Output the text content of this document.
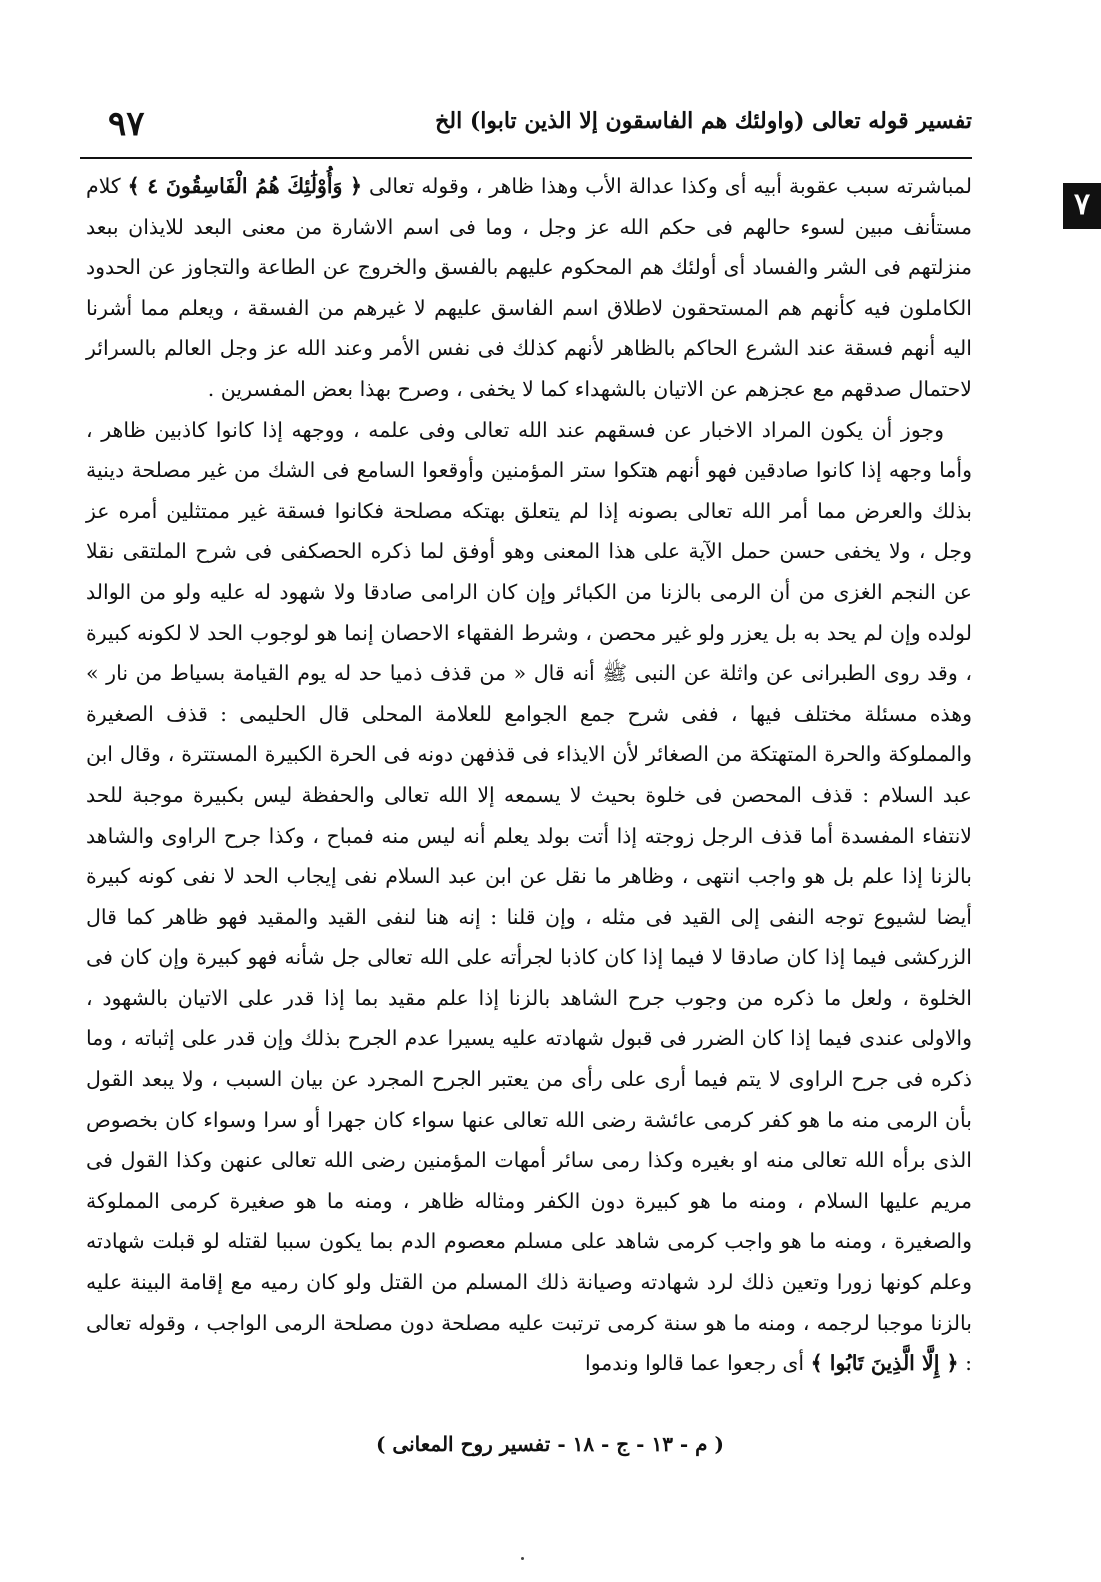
تفسير قوله تعالى (واولئك هم الفاسقون إلا الذين تابوا) الخ
٩٧
٧

لمباشرته سبب عقوبة أبيه أى وكذا عدالة الأب وهذا ظاهر ، وقوله تعالى ﴿ وَأُوْلَٰئِكَ هُمُ الْفَاسِقُونَ ٤ ﴾ كلام مستأنف مبين لسوء حالهم فى حكم الله عز وجل ، وما فى اسم الاشارة من معنى البعد للايذان ببعد منزلتهم فى الشر والفساد أى أولئك هم المحكوم عليهم بالفسق والخروج عن الطاعة والتجاوز عن الحدود الكاملون فيه كأنهم هم المستحقون لاطلاق اسم الفاسق عليهم لا غيرهم من الفسقة ، ويعلم مما أشرنا اليه أنهم فسقة عند الشرع الحاكم بالظاهر لأنهم كذلك فى نفس الأمر وعند الله عز وجل العالم بالسرائر لاحتمال صدقهم مع عجزهم عن الاتيان بالشهداء كما لا يخفى ، وصرح بهذا بعض المفسرين .

وجوز أن يكون المراد الاخبار عن فسقهم عند الله تعالى وفى علمه ، ووجهه إذا كانوا كاذبين ظاهر ، وأما وجهه إذا كانوا صادقين فهو أنهم هتكوا ستر المؤمنين وأوقعوا السامع فى الشك من غير مصلحة دينية بذلك والعرض مما أمر الله تعالى بصونه إذا لم يتعلق بهتكه مصلحة فكانوا فسقة غير ممتثلين أمره عز وجل ، ولا يخفى حسن حمل الآية على هذا المعنى وهو أوفق لما ذكره الحصكفى فى شرح الملتقى نقلا عن النجم الغزى من أن الرمى بالزنا من الكبائر وإن كان الرامى صادقا ولا شهود له عليه ولو من الوالد لولده وإن لم يحد به بل يعزر ولو غير محصن ، وشرط الفقهاء الاحصان إنما هو لوجوب الحد لا لكونه كبيرة ، وقد روى الطبرانى عن واثلة عن النبى ﷺ أنه قال « من قذف ذميا حد له يوم القيامة بسياط من نار » وهذه مسئلة مختلف فيها ، ففى شرح جمع الجوامع للعلامة المحلى قال الحليمى : قذف الصغيرة والمملوكة والحرة المتهتكة من الصغائر لأن الايذاء فى قذفهن دونه فى الحرة الكبيرة المستترة ، وقال ابن عبد السلام : قذف المحصن فى خلوة بحيث لا يسمعه إلا الله تعالى والحفظة ليس بكبيرة موجبة للحد لانتفاء المفسدة أما قذف الرجل زوجته إذا أتت بولد يعلم أنه ليس منه فمباح ، وكذا جرح الراوى والشاهد بالزنا إذا علم بل هو واجب انتهى ، وظاهر ما نقل عن ابن عبد السلام نفى إيجاب الحد لا نفى كونه كبيرة أيضا لشيوع توجه النفى إلى القيد فى مثله ، وإن قلنا : إنه هنا لنفى القيد والمقيد فهو ظاهر كما قال الزركشى فيما إذا كان صادقا لا فيما إذا كان كاذبا لجرأته على الله تعالى جل شأنه فهو كبيرة وإن كان فى الخلوة ، ولعل ما ذكره من وجوب جرح الشاهد بالزنا إذا علم مقيد بما إذا قدر على الاتيان بالشهود ، والاولى عندى فيما إذا كان الضرر فى قبول شهادته عليه يسيرا عدم الجرح بذلك وإن قدر على إثباته ، وما ذكره فى جرح الراوى لا يتم فيما أرى على رأى من يعتبر الجرح المجرد عن بيان السبب ، ولا يبعد القول بأن الرمى منه ما هو كفر كرمى عائشة رضى الله تعالى عنها سواء كان جهرا أو سرا وسواء كان بخصوص الذى برأه الله تعالى منه او بغيره وكذا رمى سائر أمهات المؤمنين رضى الله تعالى عنهن وكذا القول فى مريم عليها السلام ، ومنه ما هو كبيرة دون الكفر ومثاله ظاهر ، ومنه ما هو صغيرة كرمى المملوكة والصغيرة ، ومنه ما هو واجب كرمى شاهد على مسلم معصوم الدم بما يكون سببا لقتله لو قبلت شهادته وعلم كونها زورا وتعين ذلك لرد شهادته وصيانة ذلك المسلم من القتل ولو كان رميه مع إقامة البينة عليه بالزنا موجبا لرجمه ، ومنه ما هو سنة كرمى ترتبت عليه مصلحة دون مصلحة الرمى الواجب ، وقوله تعالى : ﴿ إِلَّا الَّذِينَ تَابُوا ﴾ أى رجعوا عما قالوا وندموا

( م - ١٣ - ج - ١٨ - تفسير روح المعانى )
